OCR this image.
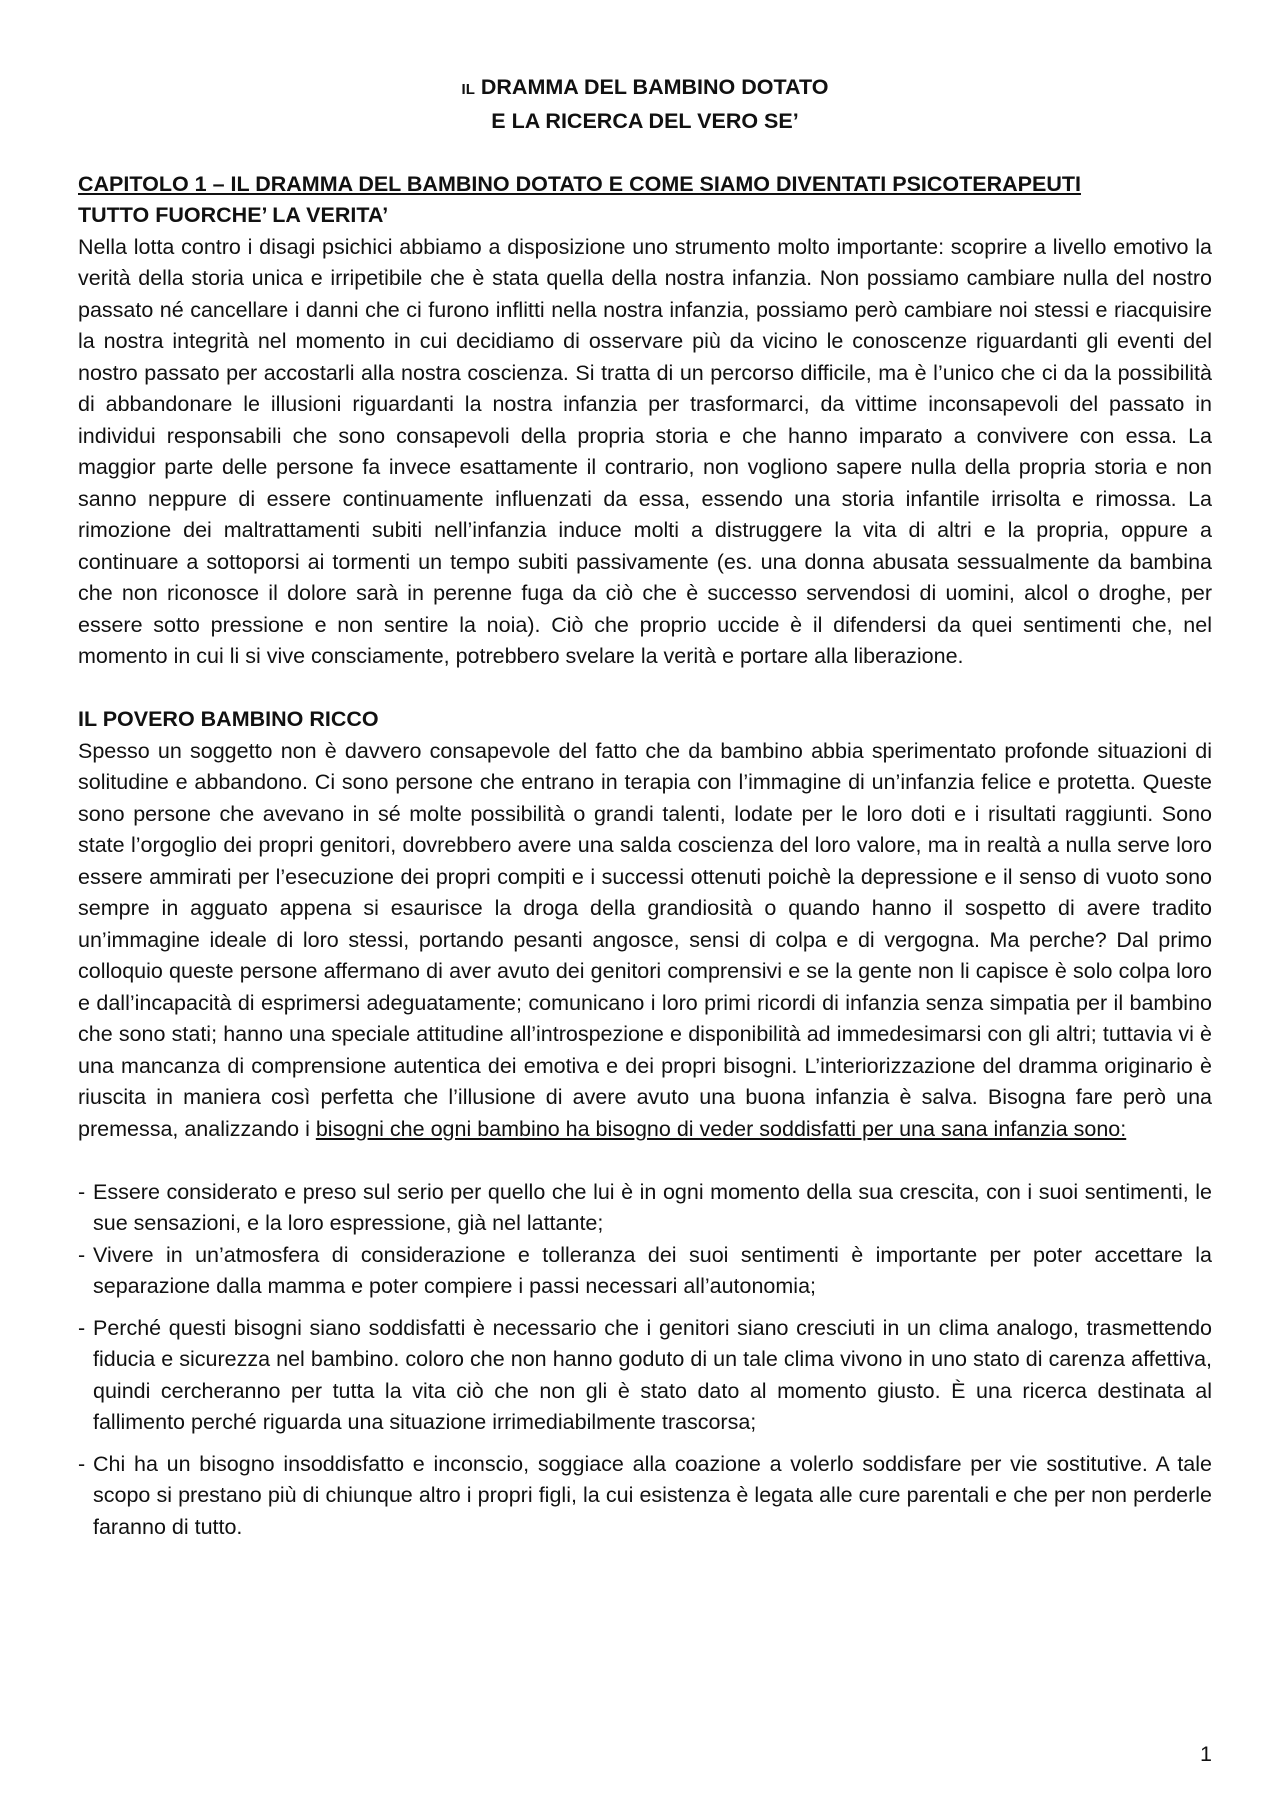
IL DRAMMA DEL BAMBINO DOTATO
E LA RICERCA DEL VERO SE’

CAPITOLO 1 – IL DRAMMA DEL BAMBINO DOTATO E COME SIAMO DIVENTATI PSICOTERAPEUTI

TUTTO FUORCHE’ LA VERITA’

Nella lotta contro i disagi psichici abbiamo a disposizione uno strumento molto importante: scoprire a livello emotivo la verità della storia unica e irripetibile che è stata quella della nostra infanzia. Non possiamo cambiare nulla del nostro passato né cancellare i danni che ci furono inflitti nella nostra infanzia, possiamo però cambiare noi stessi e riacquisire la nostra integrità nel momento in cui decidiamo di osservare più da vicino le conoscenze riguardanti gli eventi del nostro passato per accostarli alla nostra coscienza. Si tratta di un percorso difficile, ma è l’unico che ci da la possibilità di abbandonare le illusioni riguardanti la nostra infanzia per trasformarci, da vittime inconsapevoli del passato in individui responsabili che sono consapevoli della propria storia e che hanno imparato a convivere con essa. La maggior parte delle persone fa invece esattamente il contrario, non vogliono sapere nulla della propria storia e non sanno neppure di essere continuamente influenzati da essa, essendo una storia infantile irrisolta e rimossa. La rimozione dei maltrattamenti subiti nell’infanzia induce molti a distruggere la vita di altri e la propria, oppure a continuare a sottoporsi ai tormenti un tempo subiti passivamente (es. una donna abusata sessualmente da bambina che non riconosce il dolore sarà in perenne fuga da ciò che è successo servendosi di uomini, alcol o droghe, per essere sotto pressione e non sentire la noia). Ciò che proprio uccide è il difendersi da quei sentimenti che, nel momento in cui li si vive consciamente, potrebbero svelare la verità e portare alla liberazione.

IL POVERO BAMBINO RICCO

Spesso un soggetto non è davvero consapevole del fatto che da bambino abbia sperimentato profonde situazioni di solitudine e abbandono. Ci sono persone che entrano in terapia con l’immagine di un’infanzia felice e protetta. Queste sono persone che avevano in sé molte possibilità o grandi talenti, lodate per le loro doti e i risultati raggiunti. Sono state l’orgoglio dei propri genitori, dovrebbero avere una salda coscienza del loro valore, ma in realtà a nulla serve loro essere ammirati per l’esecuzione dei propri compiti e i successi ottenuti poichè la depressione e il senso di vuoto sono sempre in agguato appena si esaurisce la droga della grandiosità o quando hanno il sospetto di avere tradito un’immagine ideale di loro stessi, portando pesanti angosce, sensi di colpa e di vergogna. Ma perche? Dal primo colloquio queste persone affermano di aver avuto dei genitori comprensivi e se la gente non li capisce è solo colpa loro e dall’incapacità di esprimersi adeguatamente; comunicano i loro primi ricordi di infanzia senza simpatia per il bambino che sono stati; hanno una speciale attitudine all’introspezione e disponibilità ad immedesimarsi con gli altri; tuttavia vi è una mancanza di comprensione autentica dei emotiva e dei propri bisogni. L’interiorizzazione del dramma originario è riuscita in maniera così perfetta che l’illusione di avere avuto una buona infanzia è salva. Bisogna fare però una premessa, analizzando i bisogni che ogni bambino ha bisogno di veder soddisfatti per una sana infanzia sono:

- Essere considerato e preso sul serio per quello che lui è in ogni momento della sua crescita, con i suoi sentimenti, le sue sensazioni, e la loro espressione, già nel lattante;
- Vivere in un’atmosfera di considerazione e tolleranza dei suoi sentimenti è importante per poter accettare la separazione dalla mamma e poter compiere i passi necessari all’autonomia;
- Perché questi bisogni siano soddisfatti è necessario che i genitori siano cresciuti in un clima analogo, trasmettendo fiducia e sicurezza nel bambino. coloro che non hanno goduto di un tale clima vivono in uno stato di carenza affettiva, quindi cercheranno per tutta la vita ciò che non gli è stato dato al momento giusto. È una ricerca destinata al fallimento perché riguarda una situazione irrimediabilmente trascorsa;
- Chi ha un bisogno insoddisfatto e inconscio, soggiace alla coazione a volerlo soddisfare per vie sostitutive. A tale scopo si prestano più di chiunque altro i propri figli, la cui esistenza è legata alle cure parentali e che per non perderle faranno di tutto.
1
